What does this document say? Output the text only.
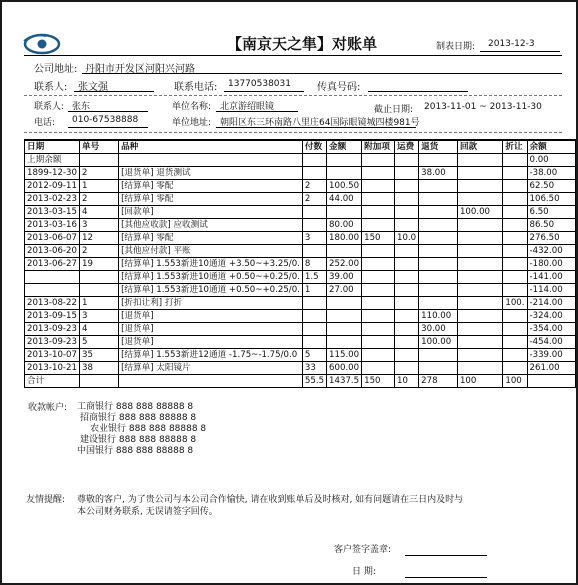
【南京天之隼】对账单	制表日期: 2013-12-3
公司地址: 丹阳市开发区河阳兴河路
联系人: 张文强	联系电话: 13770538031	传真号码:
联系人: 张东	单位名称: 北京游绍眼镜	截止日期: 2013-11-01 ~ 2013-11-30
电话: 010-67538888	单位地址: 朝阳区东三环南路八里庄64国际眼镜城四楼981号
日期	单号	品种	付数	金额	附加项	运费	退货	回款	折让	余额
上期余额										0.00
1899-12-30	2	[退货单] 退货测试					38.00			-38.00
2012-09-11	1	[结算单] 零配	2	100.50						62.50
2013-02-23	2	[结算单] 零配	2	44.00						106.50
2013-03-15	4	[回款单]						100.00		6.50
2013-03-16	3	[其他应收款] 应收测试		80.00						86.50
2013-06-07	12	[结算单] 零配	3	180.00	150	10.0				276.50
2013-06-20	2	[其他应付款] 平账								-432.00
2013-06-27	19	[结算单] 1.553新进10通道 +3.50~+3.25/0.	8	252.00						-180.00
		[结算单] 1.553新进10通道 +0.50~+0.25/0.	1.5	39.00						-141.00
		[结算单] 1.553新进10通道 +0.50~+0.25/0.	1	27.00						-114.00
2013-08-22	1	[折扣让利] 打折							100.	-214.00
2013-09-15	3	[退货单]					110.00			-324.00
2013-09-23	4	[退货单]					30.00			-354.00
2013-09-23	5	[退货单]					100.00			-454.00
2013-10-07	35	[结算单] 1.553新进12通道 -1.75~-1.75/0.0	5	115.00						-339.00
2013-10-21	38	[结算单] 太阳镜片	33	600.00						261.00
合计			55.5	1437.5	150	10	278	100	100	
收款帐户: 工商银行 888 888 88888 8
招商银行 888 888 88888 8
农业银行 888 888 88888 8
建设银行 888 888 88888 8
中国银行 888 888 88888 8
友情提醒: 尊敬的客户, 为了贵公司与本公司合作愉快, 请在收到账单后及时核对, 如有问题请在三日内及时与
本公司财务联系, 无误请签字回传。
客户签字盖章:
日 期:
